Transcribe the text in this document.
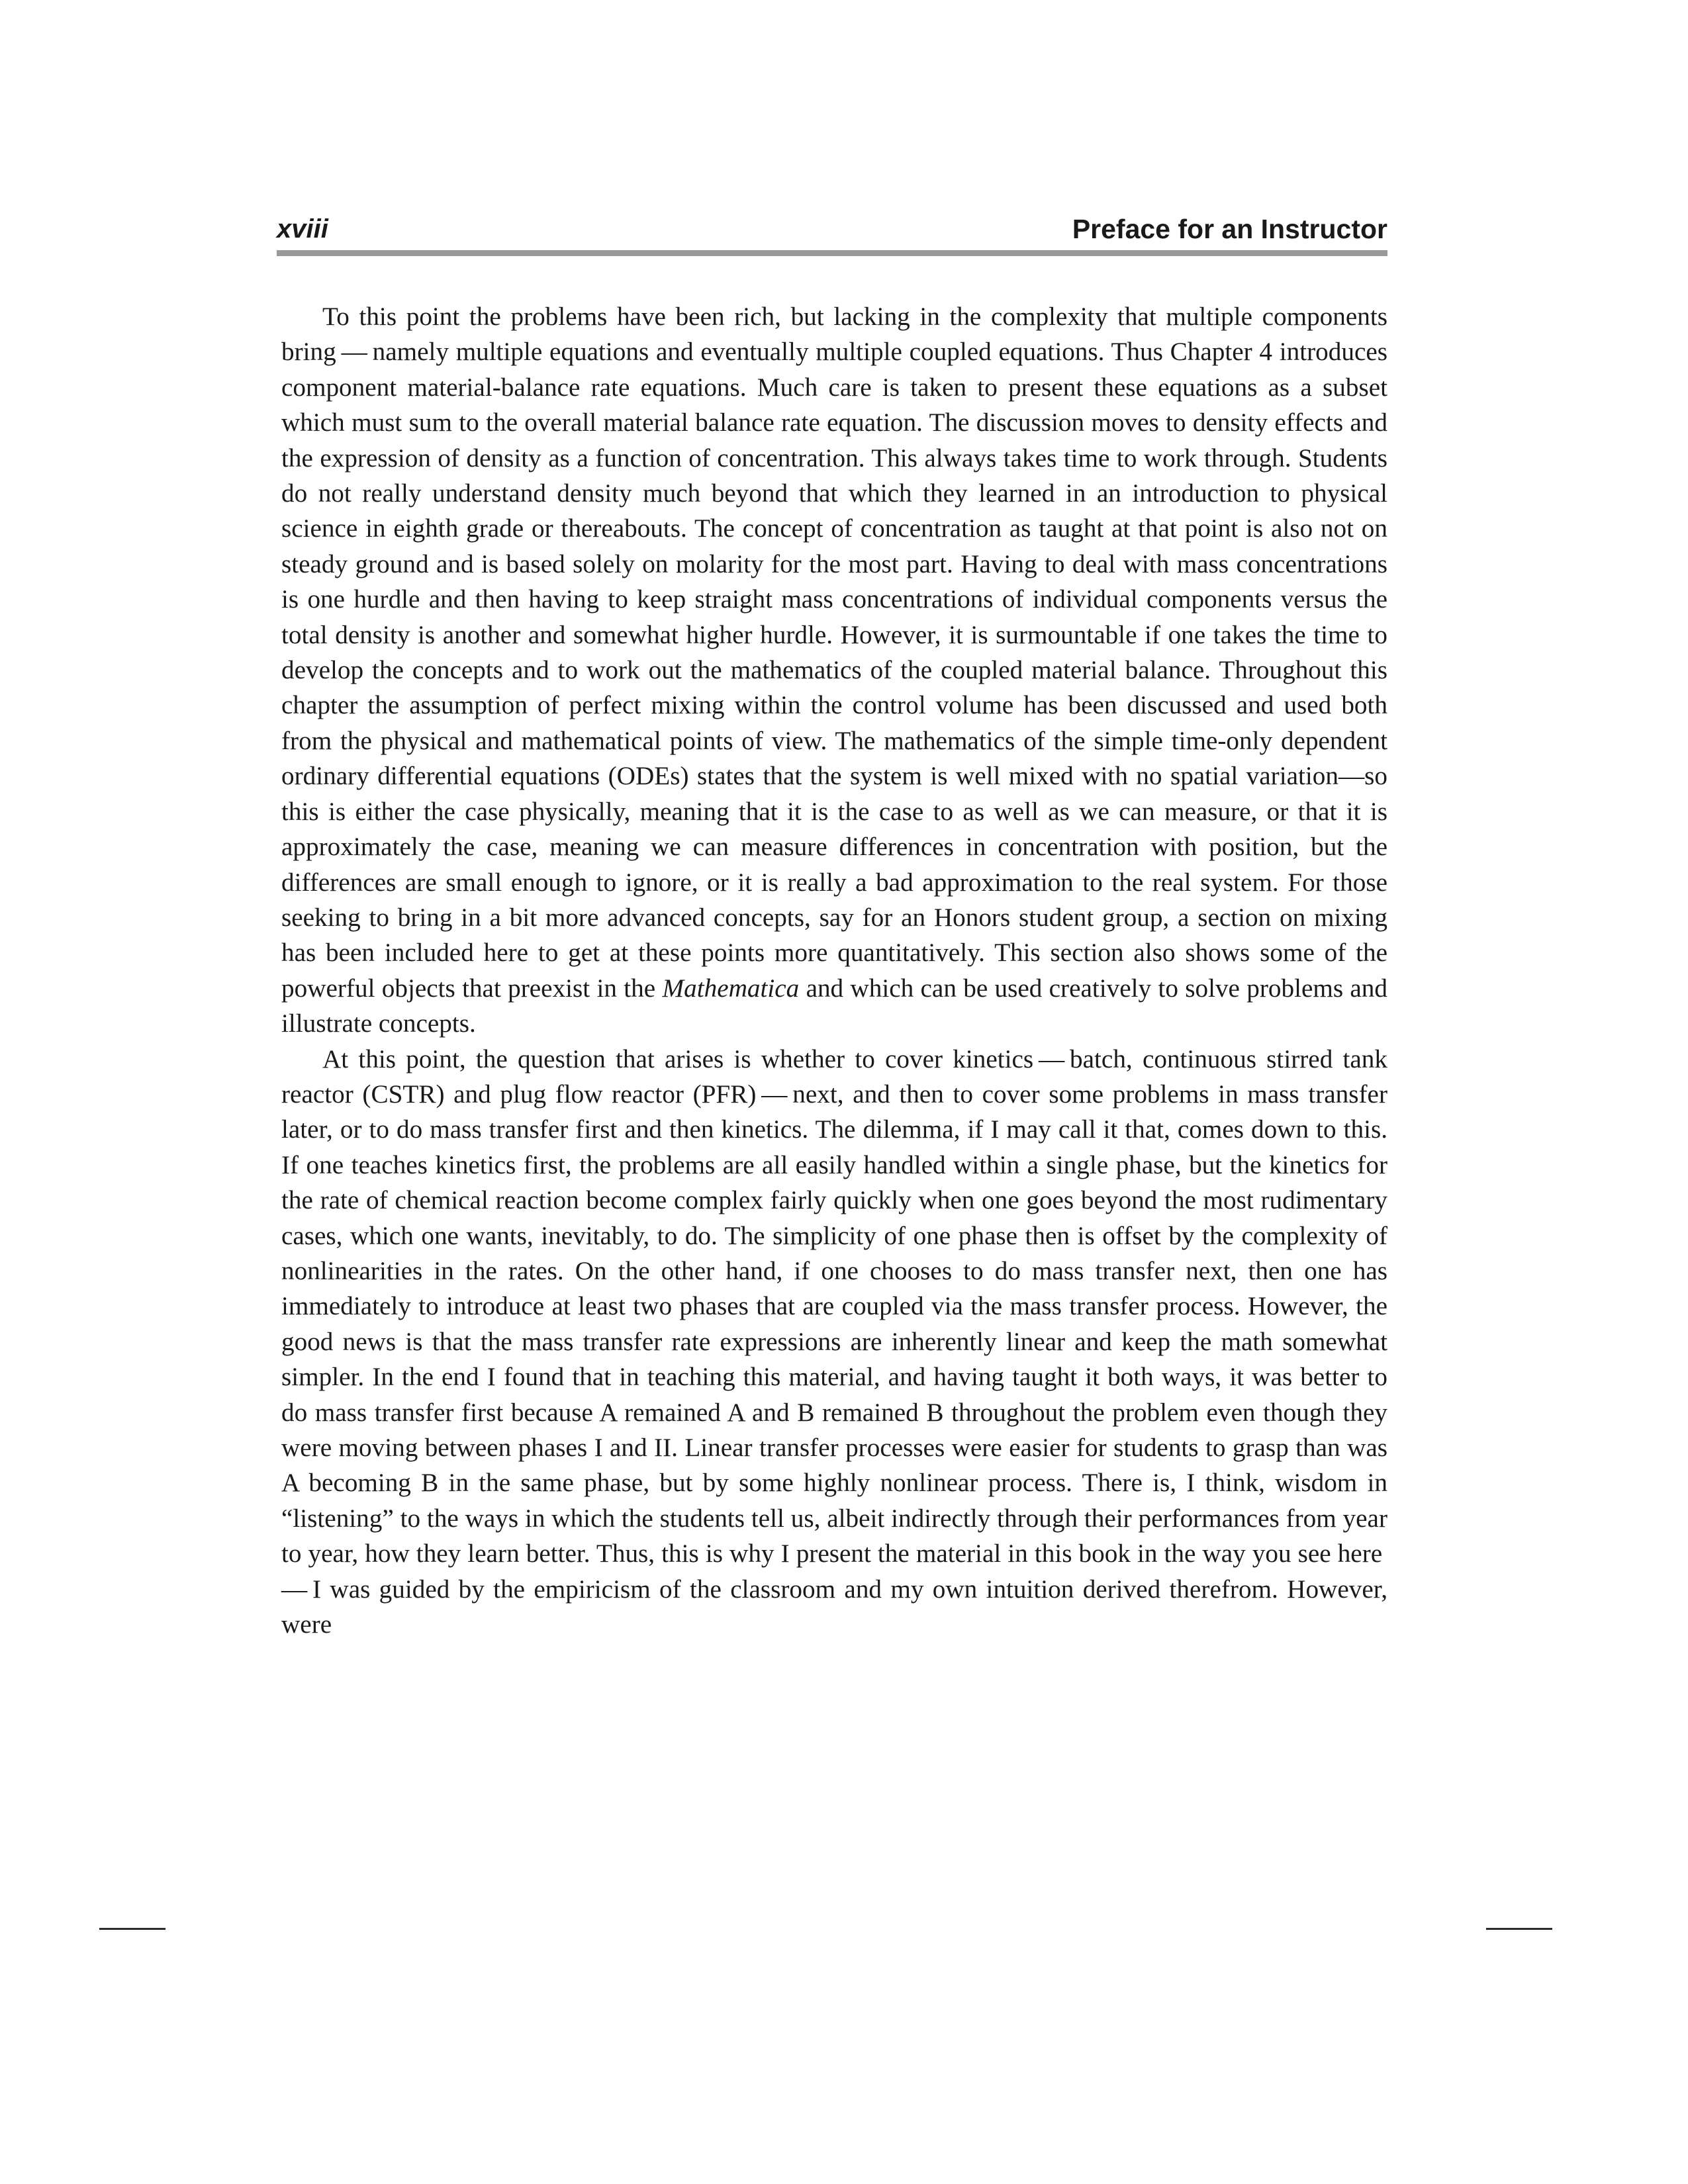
xviii	Preface for an Instructor

To this point the problems have been rich, but lacking in the complexity that multiple components bring — namely multiple equations and eventually multiple coupled equations. Thus Chapter 4 introduces component material-balance rate equations. Much care is taken to present these equations as a subset which must sum to the overall material balance rate equation. The discussion moves to density effects and the expression of density as a function of concentration. This always takes time to work through. Students do not really understand density much beyond that which they learned in an introduction to physical science in eighth grade or thereabouts. The concept of concentration as taught at that point is also not on steady ground and is based solely on molarity for the most part. Having to deal with mass concentrations is one hurdle and then having to keep straight mass concentrations of individual components versus the total density is another and somewhat higher hurdle. However, it is surmountable if one takes the time to develop the concepts and to work out the mathematics of the coupled material balance. Throughout this chapter the assumption of perfect mixing within the control volume has been discussed and used both from the physical and mathematical points of view. The mathematics of the simple time-only dependent ordinary differential equations (ODEs) states that the system is well mixed with no spatial variation—so this is either the case physically, meaning that it is the case to as well as we can measure, or that it is approximately the case, meaning we can measure differences in concentration with position, but the differences are small enough to ignore, or it is really a bad approximation to the real system. For those seeking to bring in a bit more advanced concepts, say for an Honors student group, a section on mixing has been included here to get at these points more quantitatively. This section also shows some of the powerful objects that preexist in the Mathematica and which can be used creatively to solve problems and illustrate concepts.

At this point, the question that arises is whether to cover kinetics — batch, continuous stirred tank reactor (CSTR) and plug flow reactor (PFR) — next, and then to cover some problems in mass transfer later, or to do mass transfer first and then kinetics. The dilemma, if I may call it that, comes down to this. If one teaches kinetics first, the problems are all easily handled within a single phase, but the kinetics for the rate of chemical reaction become complex fairly quickly when one goes beyond the most rudimentary cases, which one wants, inevitably, to do. The simplicity of one phase then is offset by the complexity of nonlinearities in the rates. On the other hand, if one chooses to do mass transfer next, then one has immediately to introduce at least two phases that are coupled via the mass transfer process. However, the good news is that the mass transfer rate expressions are inherently linear and keep the math somewhat simpler. In the end I found that in teaching this material, and having taught it both ways, it was better to do mass transfer first because A remained A and B remained B throughout the problem even though they were moving between phases I and II. Linear transfer processes were easier for students to grasp than was A becoming B in the same phase, but by some highly nonlinear process. There is, I think, wisdom in “listening” to the ways in which the students tell us, albeit indirectly through their performances from year to year, how they learn better. Thus, this is why I present the material in this book in the way you see here — I was guided by the empiricism of the classroom and my own intuition derived therefrom. However, were
